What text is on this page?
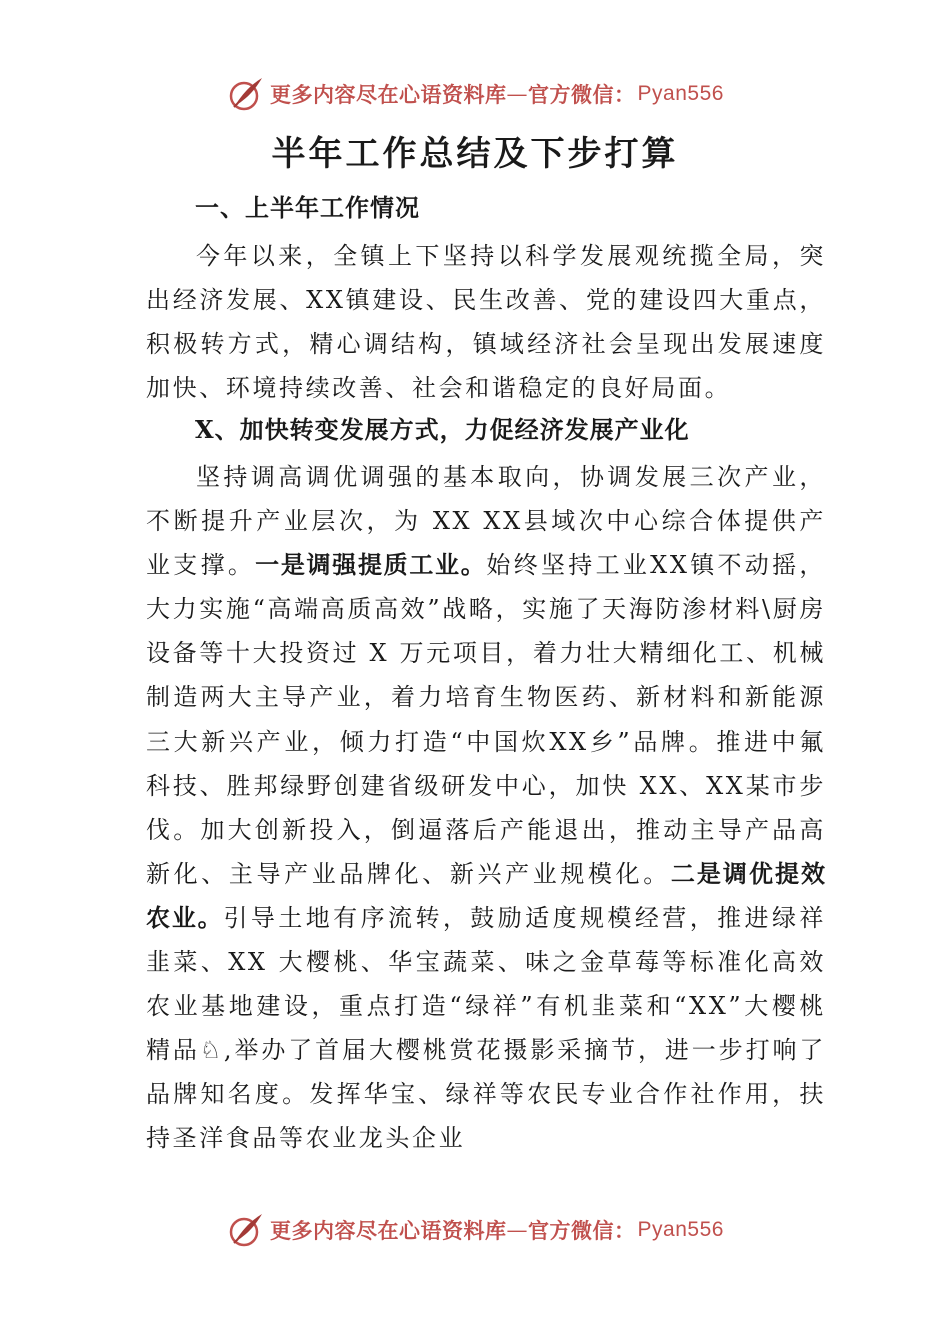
更多内容尽在心语资料库 — 官方微信： Pyan556
半年工作总结及下步打算
一、上半年工作情况
今年以来，全镇上下坚持以科学发展观统揽全局，突出经济发展、XX镇建设、民生改善、党的建设四大重点，积极转方式，精心调结构，镇域经济社会呈现出发展速度加快、环境持续改善、社会和谐稳定的良好局面。
X、加快转变发展方式，力促经济发展产业化
坚持调高调优调强的基本取向，协调发展三次产业，不断提升产业层次，为 XX XX县域次中心综合体提供产业支撑。一是调强提质工业。始终坚持工业XX镇不动摇，大力实施“高端高质高效”战略，实施了天海防渗材料\厨房设备等十大投资过 X 万元项目，着力壮大精细化工、机械制造两大主导产业，着力培育生物医药、新材料和新能源三大新兴产业，倾力打造“中国炊XX乡”品牌。推进中氟科技、胜邦绿野创建省级研发中心，加快 XX、XX某市步伐。加大创新投入，倒逼落后产能退出，推动主导产品高新化、主导产业品牌化、新兴产业规模化。二是调优提效农业。引导土地有序流转，鼓励适度规模经营，推进绿祥韭菜、XX 大樱桃、华宝蔬菜、味之金草莓等标准化高效农业基地建设，重点打造“绿祥”有机韭菜和“XX”大樱桃精品♘,举办了首届大樱桃赏花摄影采摘节，进一步打响了品牌知名度。发挥华宝、绿祥等农民专业合作社作用，扶持圣洋食品等农业龙头企业
更多内容尽在心语资料库 — 官方微信： Pyan556
